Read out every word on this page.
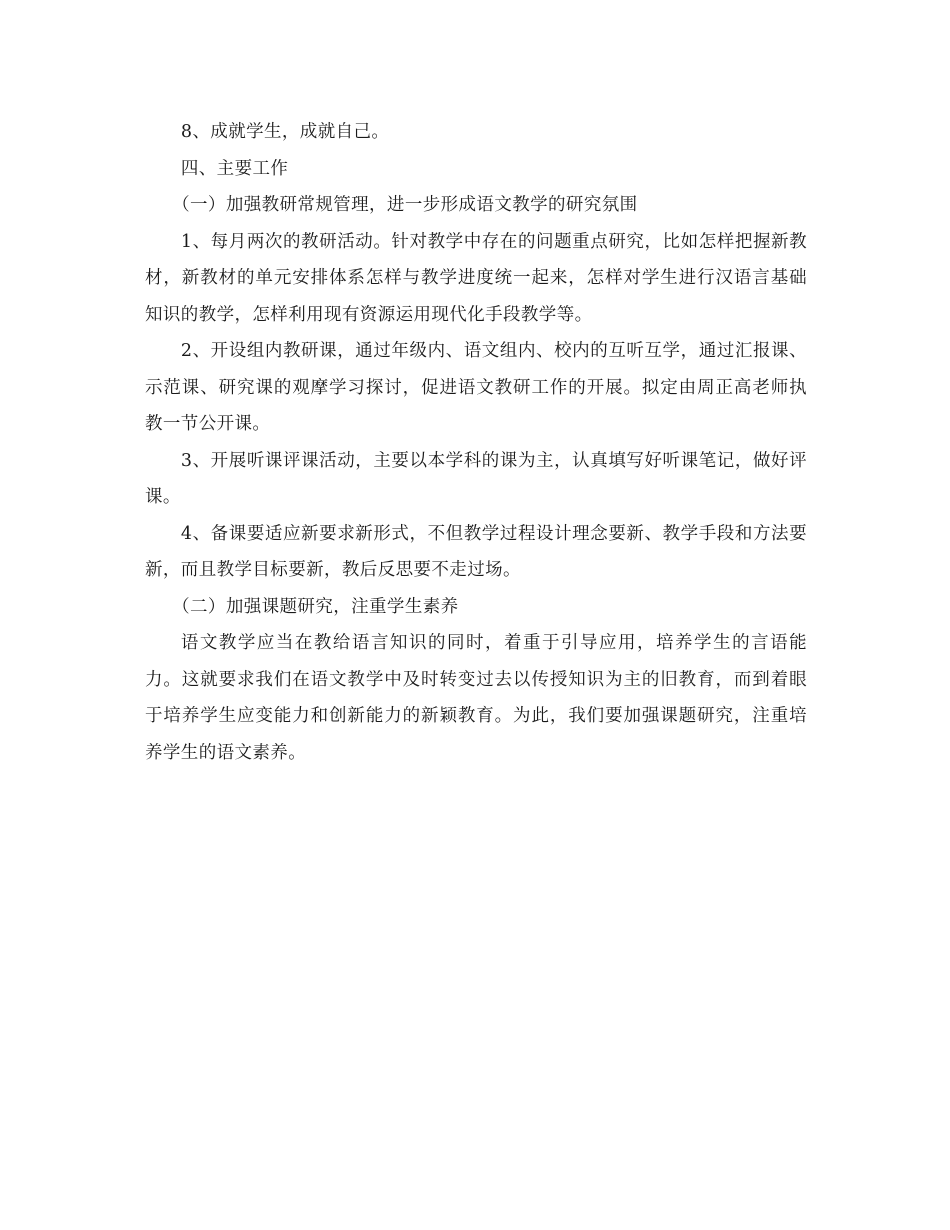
8、成就学生，成就自己。

四、主要工作

（一）加强教研常规管理，进一步形成语文教学的研究氛围

1、每月两次的教研活动。针对教学中存在的问题重点研究，比如怎样把握新教材，新教材的单元安排体系怎样与教学进度统一起来，怎样对学生进行汉语言基础知识的教学，怎样利用现有资源运用现代化手段教学等。

2、开设组内教研课，通过年级内、语文组内、校内的互听互学，通过汇报课、示范课、研究课的观摩学习探讨，促进语文教研工作的开展。拟定由周正高老师执教一节公开课。

3、开展听课评课活动，主要以本学科的课为主，认真填写好听课笔记，做好评课。

4、备课要适应新要求新形式，不但教学过程设计理念要新、教学手段和方法要新，而且教学目标要新，教后反思要不走过场。

（二）加强课题研究，注重学生素养

语文教学应当在教给语言知识的同时，着重于引导应用，培养学生的言语能力。这就要求我们在语文教学中及时转变过去以传授知识为主的旧教育，而到着眼于培养学生应变能力和创新能力的新颖教育。为此，我们要加强课题研究，注重培养学生的语文素养。
